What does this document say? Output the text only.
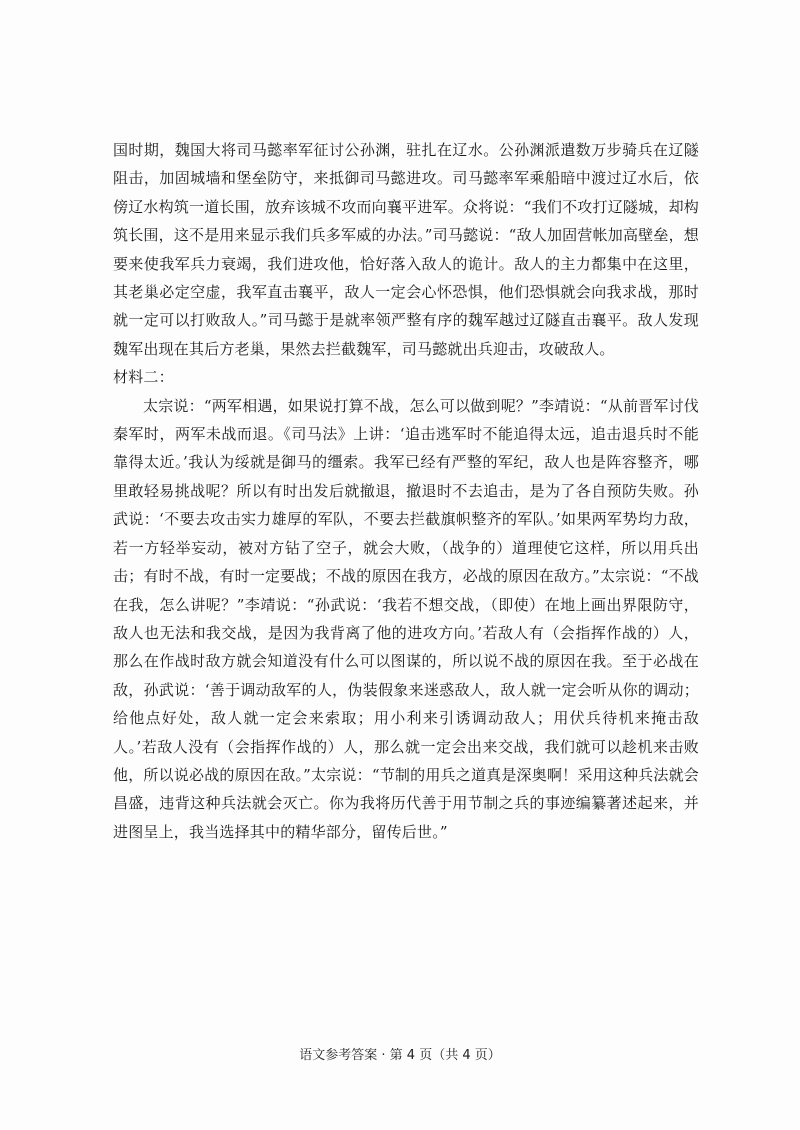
国时期，魏国大将司马懿率军征讨公孙渊，驻扎在辽水。公孙渊派遣数万步骑兵在辽隧阻击，加固城墙和堡垒防守，来抵御司马懿进攻。司马懿率军乘船暗中渡过辽水后，依傍辽水构筑一道长围，放弃该城不攻而向襄平进军。众将说：“我们不攻打辽隧城，却构筑长围，这不是用来显示我们兵多军威的办法。”司马懿说：“敌人加固营帐加高壁垒，想要来使我军兵力衰竭，我们进攻他，恰好落入敌人的诡计。敌人的主力都集中在这里，其老巢必定空虚，我军直击襄平，敌人一定会心怀恐惧，他们恐惧就会向我求战，那时就一定可以打败敌人。”司马懿于是就率领严整有序的魏军越过辽隧直击襄平。敌人发现魏军出现在其后方老巢，果然去拦截魏军，司马懿就出兵迎击，攻破敌人。

材料二：

太宗说：“两军相遇，如果说打算不战，怎么可以做到呢？”李靖说：“从前晋军讨伐秦军时，两军未战而退。《司马法》上讲：‘追击逃军时不能追得太远，追击退兵时不能靠得太近。’我认为绥就是御马的缰索。我军已经有严整的军纪，敌人也是阵容整齐，哪里敢轻易挑战呢？所以有时出发后就撤退，撤退时不去追击，是为了各自预防失败。孙武说：‘不要去攻击实力雄厚的军队，不要去拦截旗帜整齐的军队。’如果两军势均力敌，若一方轻举妄动，被对方钻了空子，就会大败，（战争的）道理使它这样，所以用兵出击；有时不战，有时一定要战；不战的原因在我方，必战的原因在敌方。”太宗说：“不战在我，怎么讲呢？”李靖说：“孙武说：‘我若不想交战，（即使）在地上画出界限防守，敌人也无法和我交战，是因为我背离了他的进攻方向。’若敌人有（会指挥作战的）人，那么在作战时敌方就会知道没有什么可以图谋的，所以说不战的原因在我。至于必战在敌，孙武说：‘善于调动敌军的人，伪装假象来迷惑敌人，敌人就一定会听从你的调动；给他点好处，敌人就一定会来索取；用小利来引诱调动敌人；用伏兵待机来掩击敌人。’若敌人没有（会指挥作战的）人，那么就一定会出来交战，我们就可以趁机来击败他，所以说必战的原因在敌。”太宗说：“节制的用兵之道真是深奥啊！采用这种兵法就会昌盛，违背这种兵法就会灭亡。你为我将历代善于用节制之兵的事迹编纂著述起来，并进图呈上，我当选择其中的精华部分，留传后世。”

语文参考答案 · 第 4 页（共 4 页）
